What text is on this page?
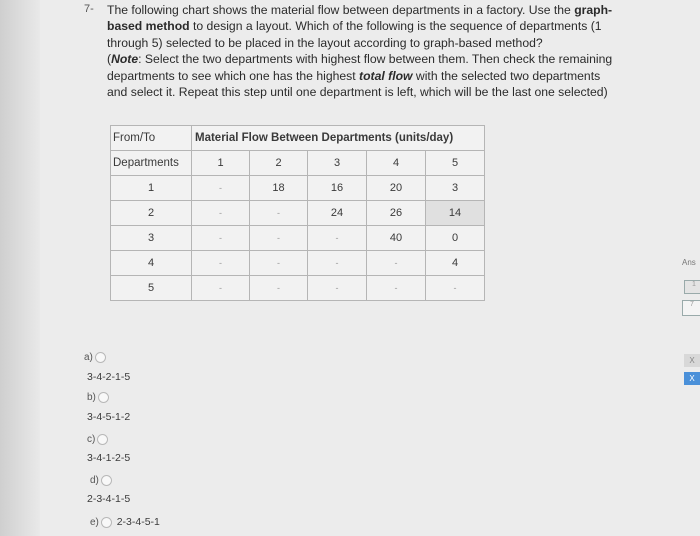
7- The following chart shows the material flow between departments in a factory. Use the graph-
based method to design a layout. Which of the following is the sequence of departments (1
through 5) selected to be placed in the layout according to graph-based method?
(Note: Select the two departments with highest flow between them. Then check the remaining
departments to see which one has the highest total flow with the selected two departments
and select it. Repeat this step until one department is left, which will be the last one selected)
From/To	Material Flow Between Departments (units/day)				
Departments	1	2	3	4	5
1	-	18	16	20	3
2	-	-	24	26	14
3	-	-	-	40	0
4	-	-	-	-	4
5	-	-	-	-	-
a)
3-4-2-1-5
b)
3-4-5-1-2
c)
3-4-1-2-5
d)
2-3-4-1-5
e) 2-3-4-5-1
Ans
1
7
X
X
